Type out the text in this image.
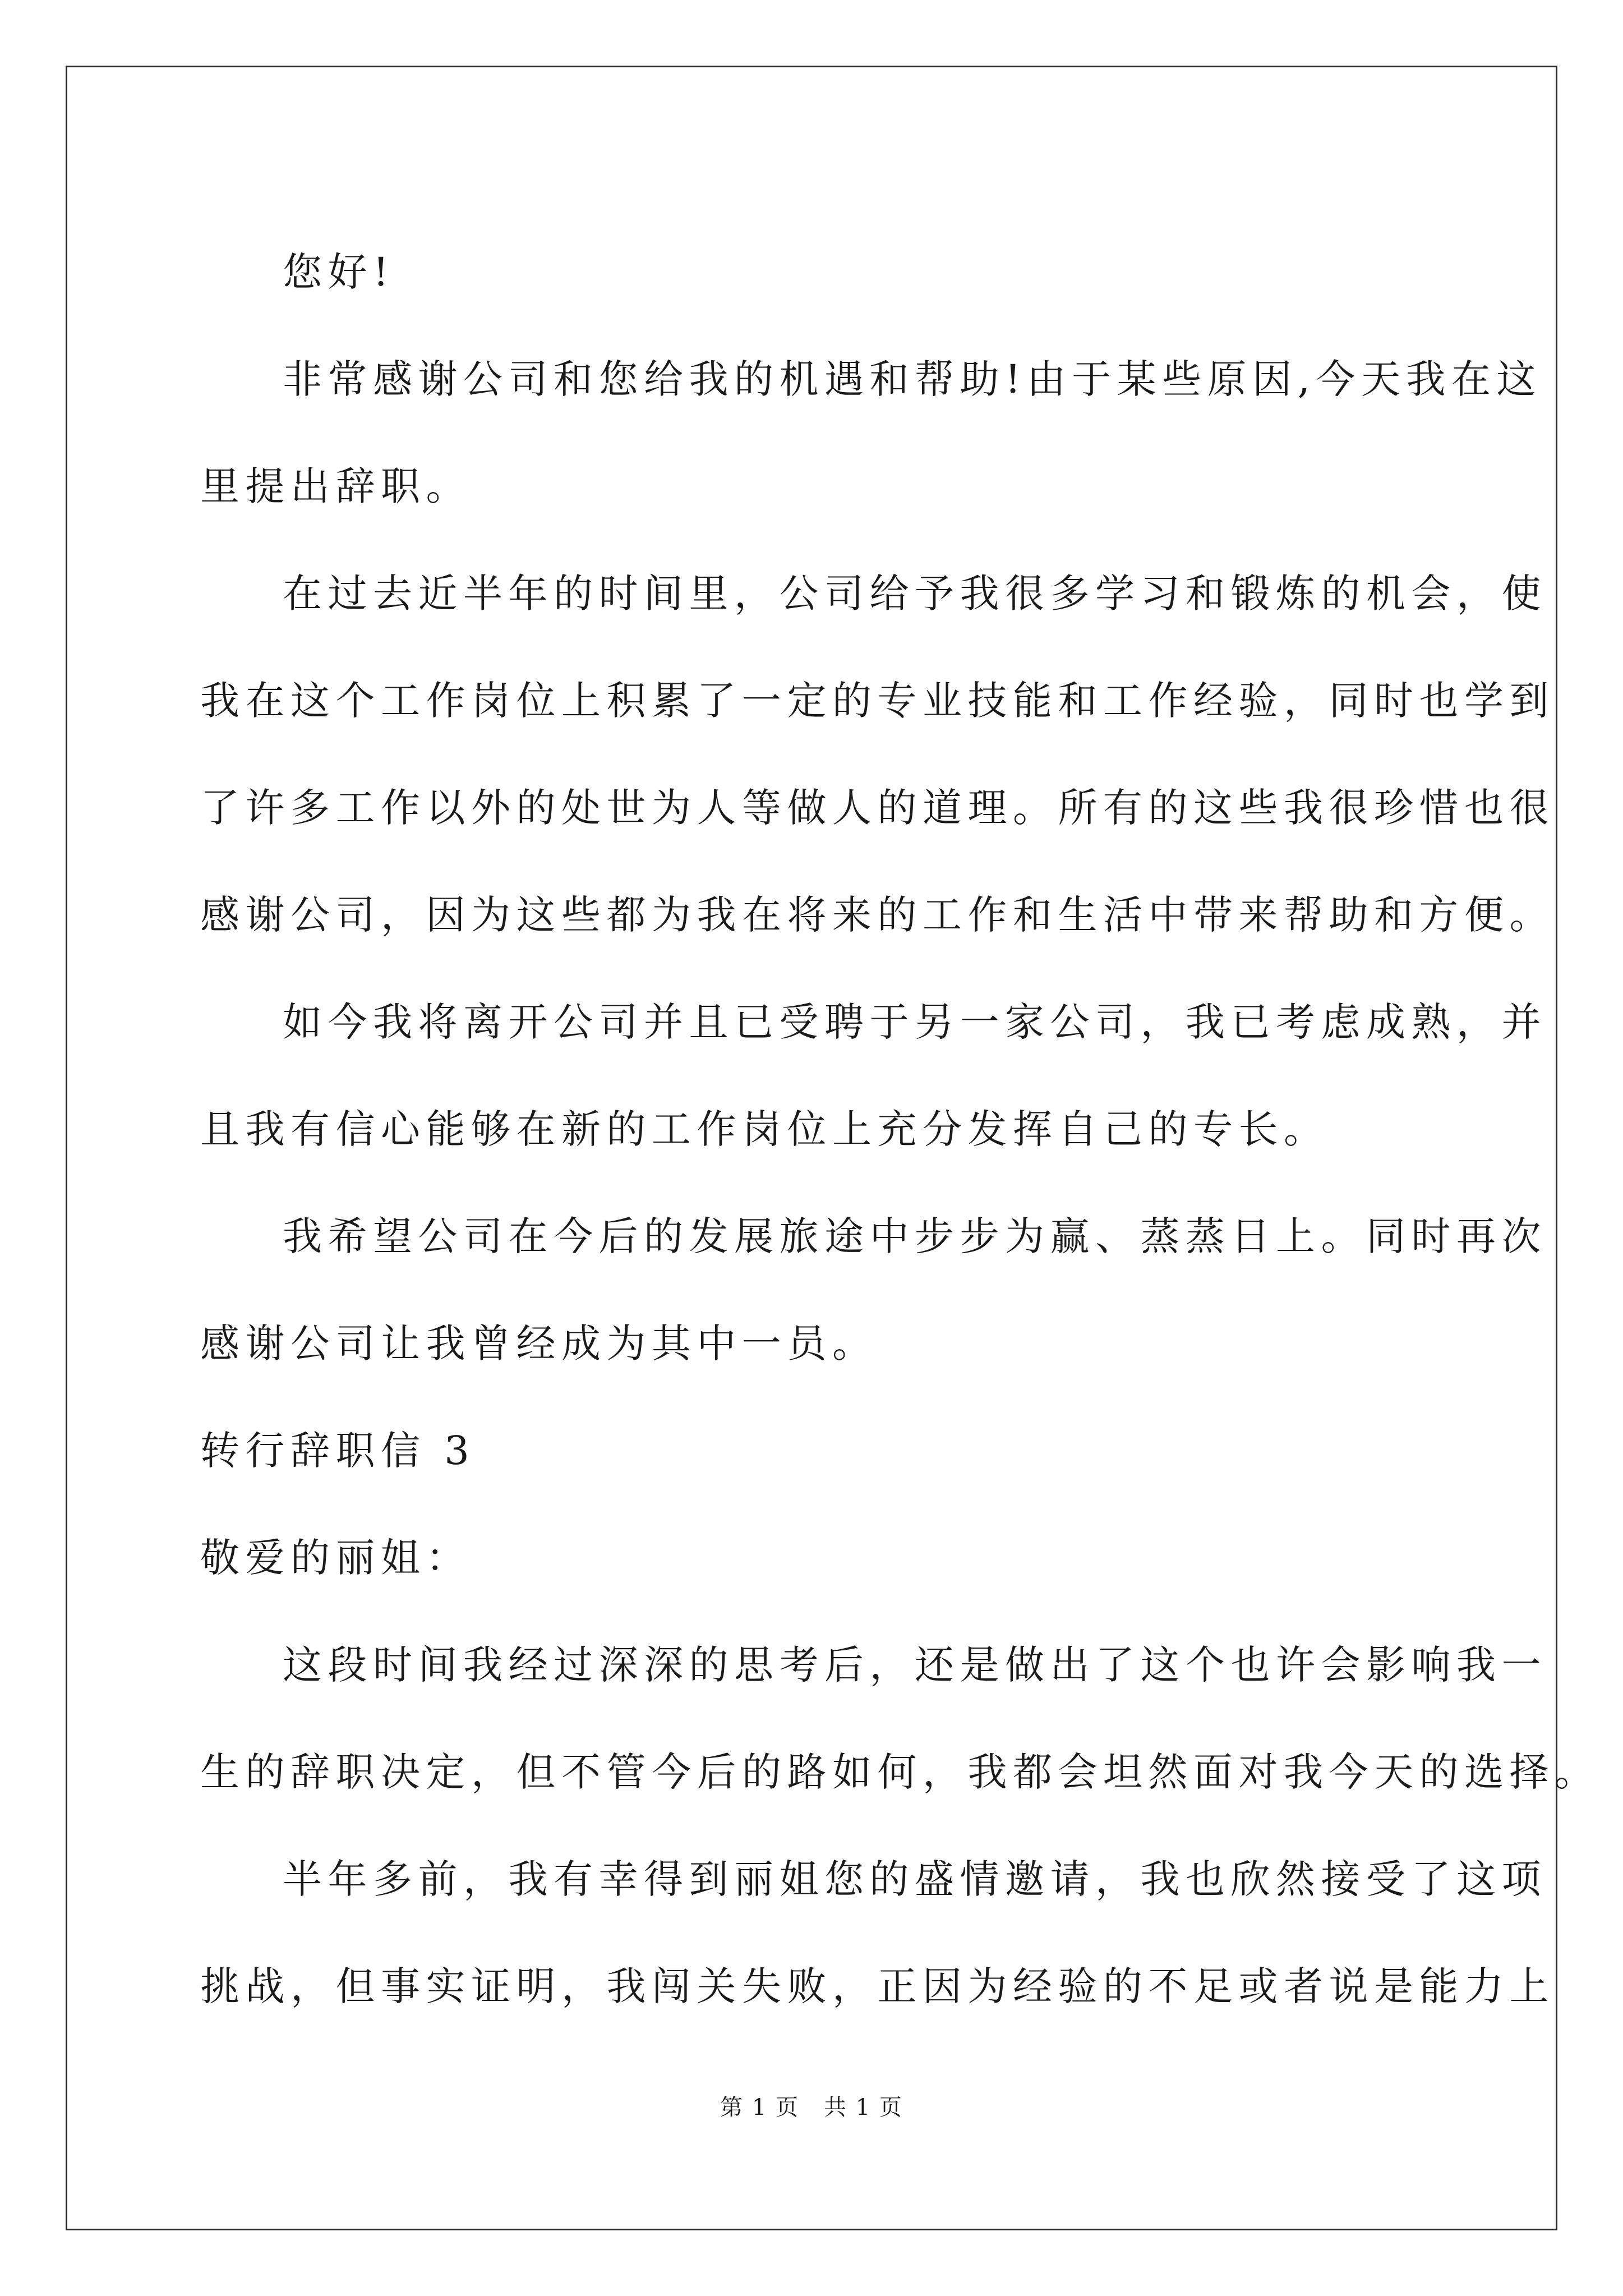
您好!
非常感谢公司和您给我的机遇和帮助!由于某些原因,今天我在这
里提出辞职。
在过去近半年的时间里，公司给予我很多学习和锻炼的机会，使
我在这个工作岗位上积累了一定的专业技能和工作经验，同时也学到
了许多工作以外的处世为人等做人的道理。所有的这些我很珍惜也很
感谢公司，因为这些都为我在将来的工作和生活中带来帮助和方便。
如今我将离开公司并且已受聘于另一家公司，我已考虑成熟，并
且我有信心能够在新的工作岗位上充分发挥自己的专长。
我希望公司在今后的发展旅途中步步为赢、蒸蒸日上。同时再次
感谢公司让我曾经成为其中一员。
转行辞职信 3
敬爱的丽姐：
这段时间我经过深深的思考后，还是做出了这个也许会影响我一
生的辞职决定，但不管今后的路如何，我都会坦然面对我今天的选择。
半年多前，我有幸得到丽姐您的盛情邀请，我也欣然接受了这项
挑战，但事实证明，我闯关失败，正因为经验的不足或者说是能力上
第 1 页 共 1 页
